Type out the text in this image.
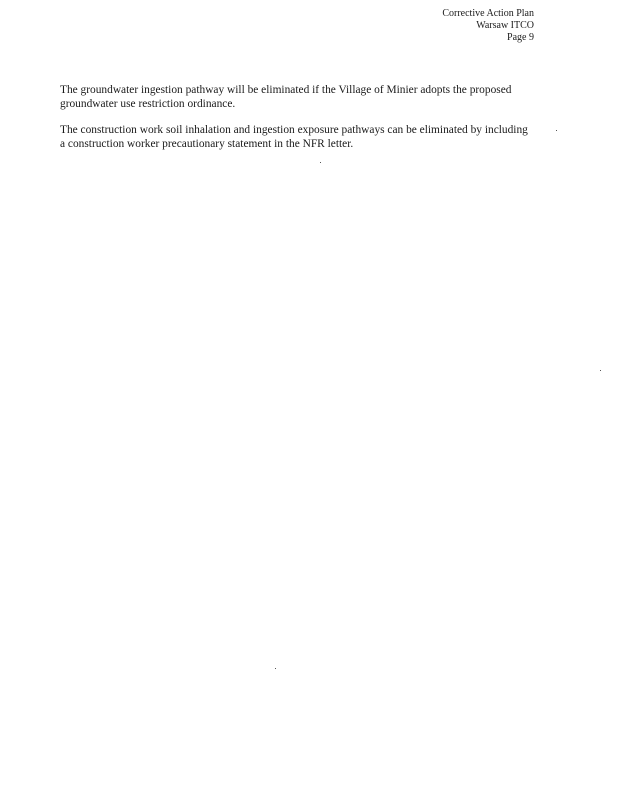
Corrective Action Plan
Warsaw ITCO
Page 9

The groundwater ingestion pathway will be eliminated if the Village of Minier adopts the proposed groundwater use restriction ordinance.

The construction work soil inhalation and ingestion exposure pathways can be eliminated by including a construction worker precautionary statement in the NFR letter.
